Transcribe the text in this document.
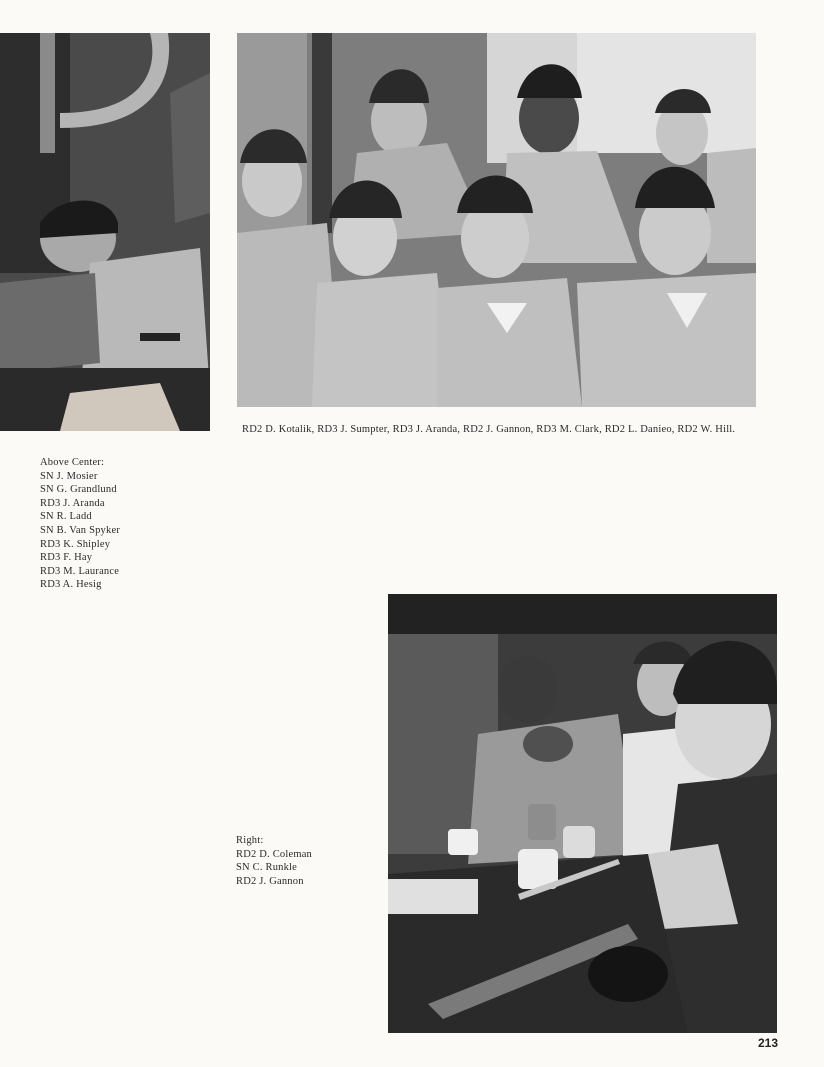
RD2 D. Kotalik, RD3 J. Sumpter, RD3 J. Aranda, RD2 J. Gannon, RD3 M. Clark, RD2 L. Danieo, RD2 W. Hill.
Above Center:
SN J. Mosier
SN G. Grandlund
RD3 J. Aranda
SN R. Ladd
SN B. Van Spyker
RD3 K. Shipley
RD3 F. Hay
RD3 M. Laurance
RD3 A. Hesig
Right:
RD2 D. Coleman
SN C. Runkle
RD2 J. Gannon
213
